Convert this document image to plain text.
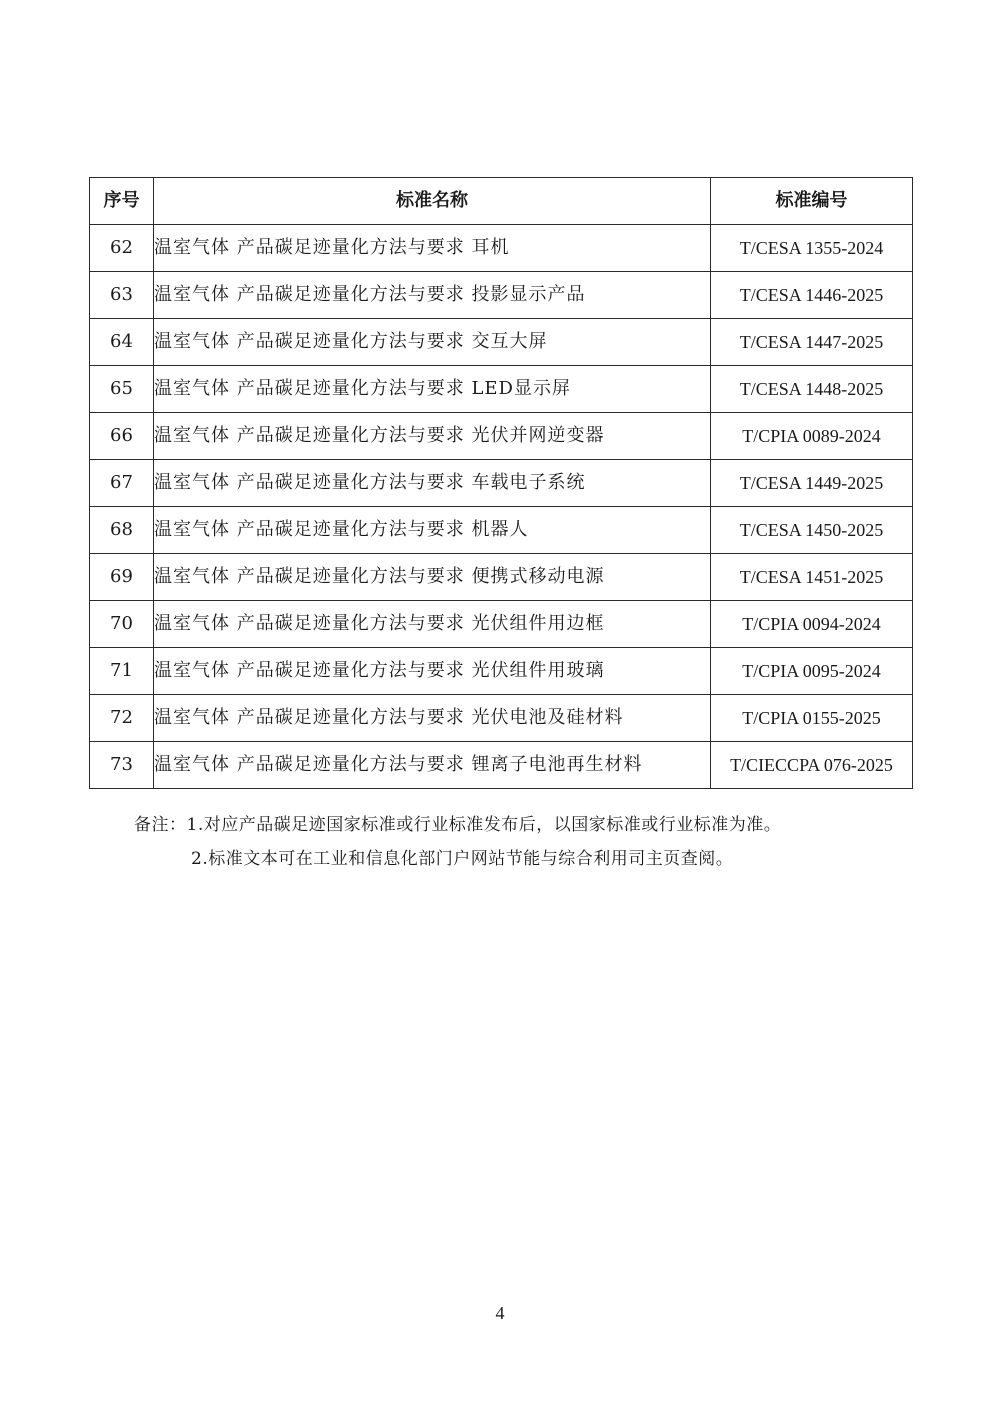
序号	标准名称	标准编号
62	温室气体 产品碳足迹量化方法与要求 耳机	T/CESA 1355-2024
63	温室气体 产品碳足迹量化方法与要求 投影显示产品	T/CESA 1446-2025
64	温室气体 产品碳足迹量化方法与要求 交互大屏	T/CESA 1447-2025
65	温室气体 产品碳足迹量化方法与要求 LED显示屏	T/CESA 1448-2025
66	温室气体 产品碳足迹量化方法与要求 光伏并网逆变器	T/CPIA 0089-2024
67	温室气体 产品碳足迹量化方法与要求 车载电子系统	T/CESA 1449-2025
68	温室气体 产品碳足迹量化方法与要求 机器人	T/CESA 1450-2025
69	温室气体 产品碳足迹量化方法与要求 便携式移动电源	T/CESA 1451-2025
70	温室气体 产品碳足迹量化方法与要求 光伏组件用边框	T/CPIA 0094-2024
71	温室气体 产品碳足迹量化方法与要求 光伏组件用玻璃	T/CPIA 0095-2024
72	温室气体 产品碳足迹量化方法与要求 光伏电池及硅材料	T/CPIA 0155-2025
73	温室气体 产品碳足迹量化方法与要求 锂离子电池再生材料	T/CIECCPA 076-2025
备注：1.对应产品碳足迹国家标准或行业标准发布后，以国家标准或行业标准为准。
2.标准文本可在工业和信息化部门户网站节能与综合利用司主页查阅。
4
